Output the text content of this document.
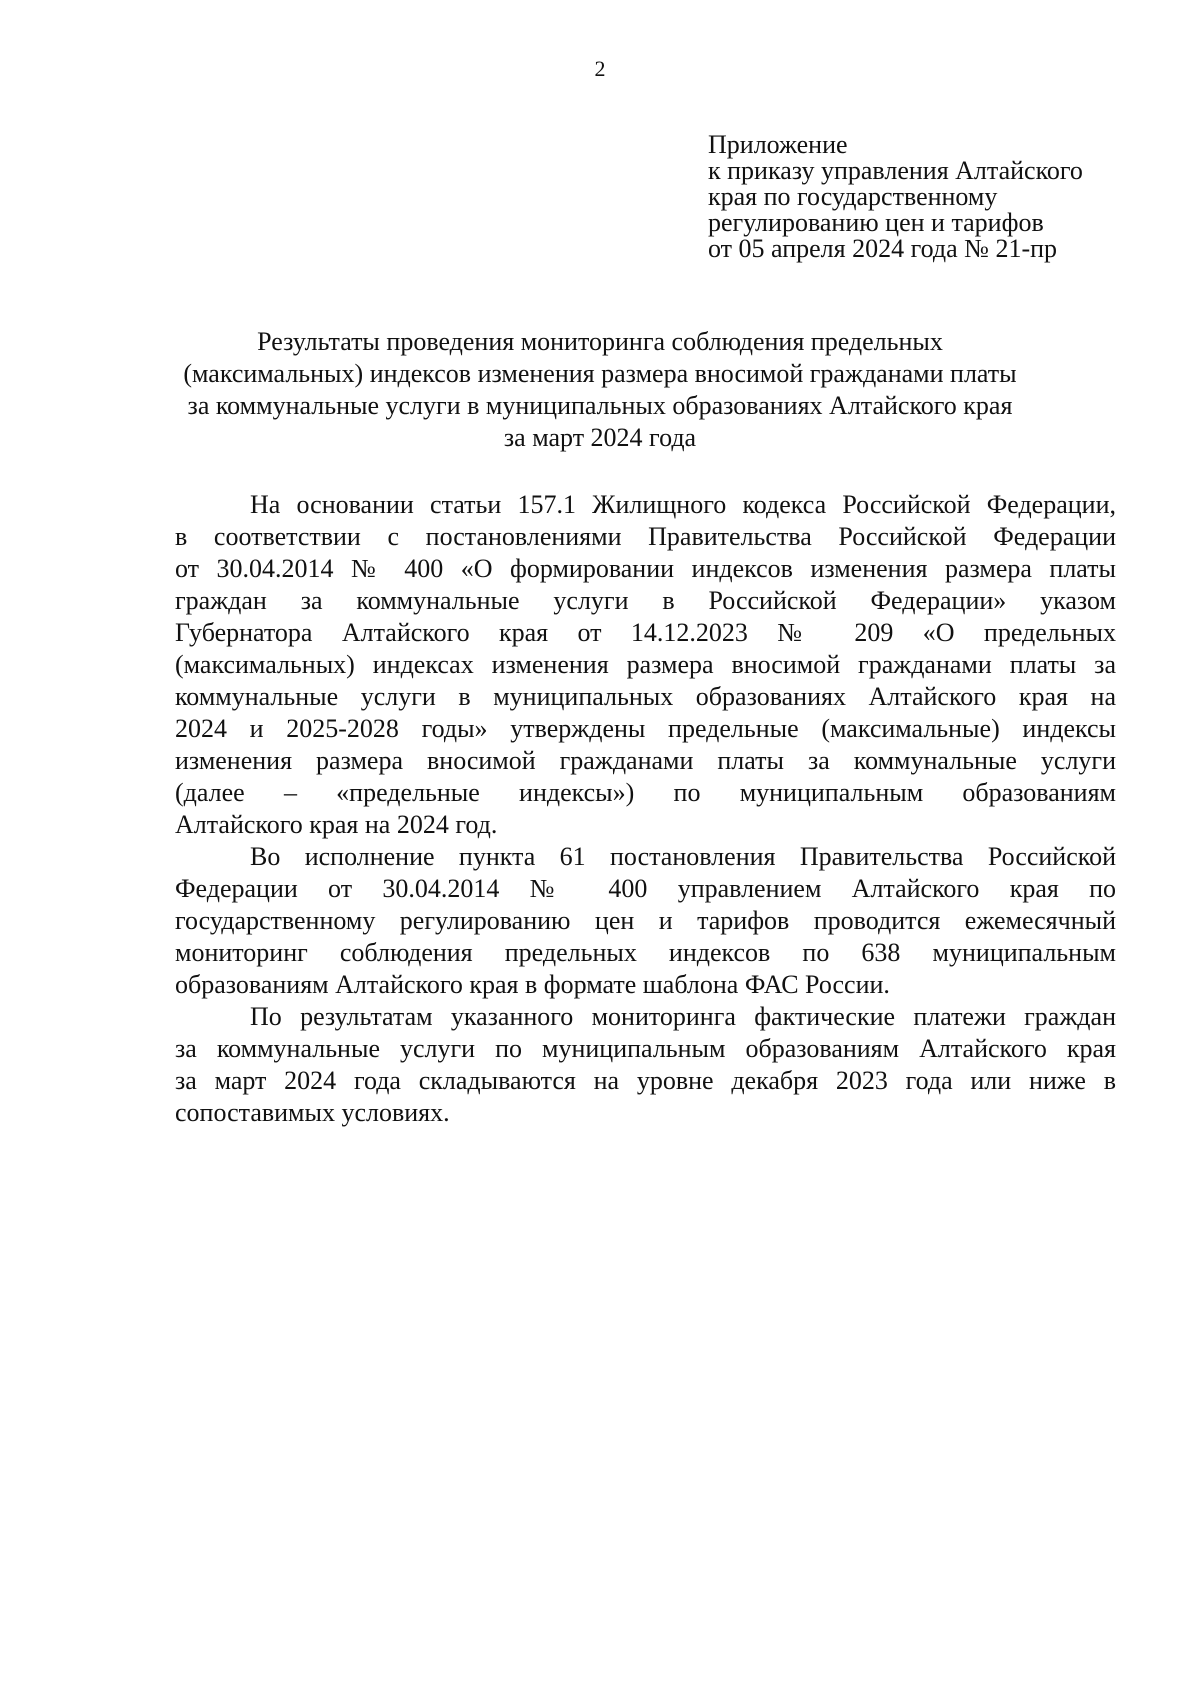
2
Приложение
к приказу управления Алтайского
края по государственному
регулированию цен и тарифов
от 05 апреля 2024 года № 21-пр
Результаты проведения мониторинга соблюдения предельных
(максимальных) индексов изменения размера вносимой гражданами платы
за коммунальные услуги в муниципальных образованиях Алтайского края
за март 2024 года
На основании статьи 157.1 Жилищного кодекса Российской Федерации,
в соответствии с постановлениями Правительства Российской Федерации
от 30.04.2014 № 400 «О формировании индексов изменения размера платы
граждан за коммунальные услуги в Российской Федерации» указом
Губернатора Алтайского края от 14.12.2023 № 209 «О предельных
(максимальных) индексах изменения размера вносимой гражданами платы за
коммунальные услуги в муниципальных образованиях Алтайского края на
2024 и 2025-2028 годы» утверждены предельные (максимальные) индексы
изменения размера вносимой гражданами платы за коммунальные услуги
(далее – «предельные индексы») по муниципальным образованиям
Алтайского края на 2024 год.
Во исполнение пункта 61 постановления Правительства Российской
Федерации от 30.04.2014 № 400 управлением Алтайского края по
государственному регулированию цен и тарифов проводится ежемесячный
мониторинг соблюдения предельных индексов по 638 муниципальным
образованиям Алтайского края в формате шаблона ФАС России.
По результатам указанного мониторинга фактические платежи граждан
за коммунальные услуги по муниципальным образованиям Алтайского края
за март 2024 года складываются на уровне декабря 2023 года или ниже в
сопоставимых условиях.
